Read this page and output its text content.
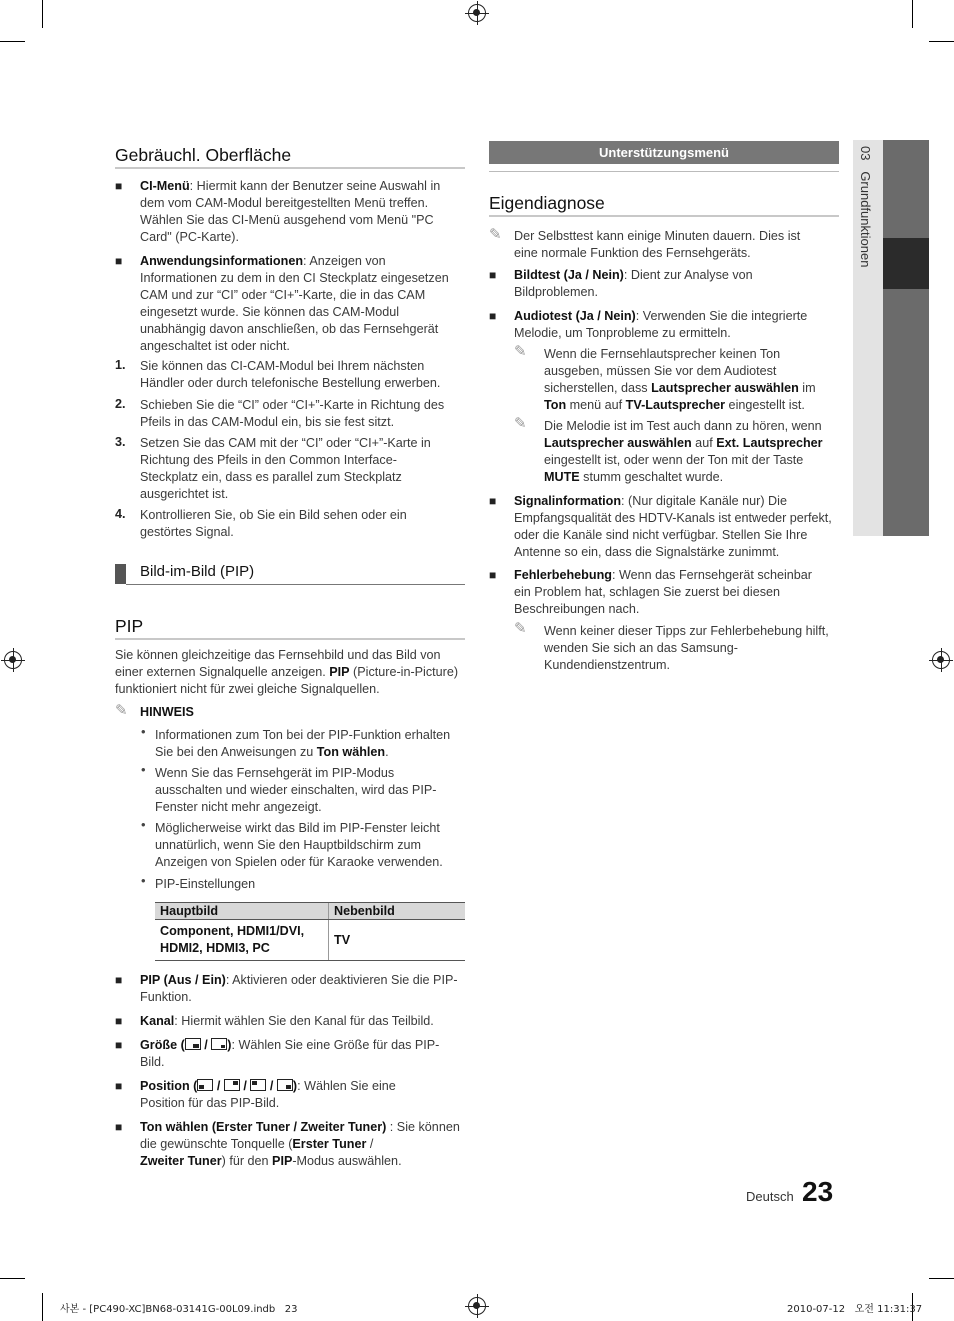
03   Grundfunktionen
Gebräuchl. Oberfläche
■ CI-Menü: Hiermit kann der Benutzer seine Auswahl in dem vom CAM-Modul bereitgestellten Menü treffen. Wählen Sie das CI-Menü ausgehend vom Menü "PC Card" (PC-Karte).
■ Anwendungsinformationen: Anzeigen von Informationen zu dem in den CI Steckplatz eingesetzen CAM und zur “CI” oder “CI+”-Karte, die in das CAM eingesetzt wurde. Sie können das CAM-Modul unabhängig davon anschließen, ob das Fernsehgerät angeschaltet ist oder nicht.
1. Sie können das CI-CAM-Modul bei Ihrem nächsten Händler oder durch telefonische Bestellung erwerben.
2. Schieben Sie die “CI” oder “CI+”-Karte in Richtung des Pfeils in das CAM-Modul ein, bis sie fest sitzt.
3. Setzen Sie das CAM mit der “CI” oder “CI+”-Karte in Richtung des Pfeils in den Common Interface-Steckplatz ein, dass es parallel zum Steckplatz ausgerichtet ist.
4. Kontrollieren Sie, ob Sie ein Bild sehen oder ein gestörtes Signal.
Bild-im-Bild (PIP)
PIP
Sie können gleichzeitige das Fernsehbild und das Bild von einer externen Signalquelle anzeigen. PIP (Picture-in-Picture) funktioniert nicht für zwei gleiche Signalquellen.
✎ HINWEIS
• Informationen zum Ton bei der PIP-Funktion erhalten Sie bei den Anweisungen zu Ton wählen.
• Wenn Sie das Fernsehgerät im PIP-Modus ausschalten und wieder einschalten, wird das PIP-Fenster nicht mehr angezeigt.
• Möglicherweise wirkt das Bild im PIP-Fenster leicht unnatürlich, wenn Sie den Hauptbildschirm zum Anzeigen von Spielen oder für Karaoke verwenden.
• PIP-Einstellungen
Hauptbild	Nebenbild
Component, HDMI1/DVI, HDMI2, HDMI3, PC	TV
■ PIP (Aus / Ein): Aktivieren oder deaktivieren Sie die PIP-Funktion.
■ Kanal: Hiermit wählen Sie den Kanal für das Teilbild.
■ Größe (
/
): Wählen Sie eine Größe für das PIP-Bild.
■ Position (
/
/
/
): Wählen Sie eine Position für das PIP-Bild.
■ Ton wählen (Erster Tuner / Zweiter Tuner) : Sie können die gewünschte Tonquelle (Erster Tuner /
Zweiter Tuner) für den PIP-Modus auswählen.
Unterstützungsmenü
Eigendiagnose
✎ Der Selbsttest kann einige Minuten dauern. Dies ist eine normale Funktion des Fernsehgeräts.
■ Bildtest (Ja / Nein): Dient zur Analyse von Bildproblemen.
■ Audiotest (Ja / Nein): Verwenden Sie die integrierte Melodie, um Tonprobleme zu ermitteln.
✎ Wenn die Fernsehlautsprecher keinen Ton ausgeben, müssen Sie vor dem Audiotest sicherstellen, dass Lautsprecher auswählen im Ton menü auf TV-Lautsprecher eingestellt ist.
✎ Die Melodie ist im Test auch dann zu hören, wenn Lautsprecher auswählen auf Ext. Lautsprecher eingestellt ist, oder wenn der Ton mit der Taste MUTE stumm geschaltet wurde.
■ Signalinformation: (Nur digitale Kanäle nur) Die Empfangsqualität des HDTV-Kanals ist entweder perfekt, oder die Kanäle sind nicht verfügbar. Stellen Sie Ihre Antenne so ein, dass die Signalstärke zunimmt.
■ Fehlerbehebung: Wenn das Fernsehgerät scheinbar ein Problem hat, schlagen Sie zuerst bei diesen Beschreibungen nach.
✎ Wenn keiner dieser Tipps zur Fehlerbehebung hilft, wenden Sie sich an das Samsung-Kundendienstzentrum.
Deutsch 23
사본 - [PC490-XC]BN68-03141G-00L09.indb   23	2010-07-12   오전 11:31:37
